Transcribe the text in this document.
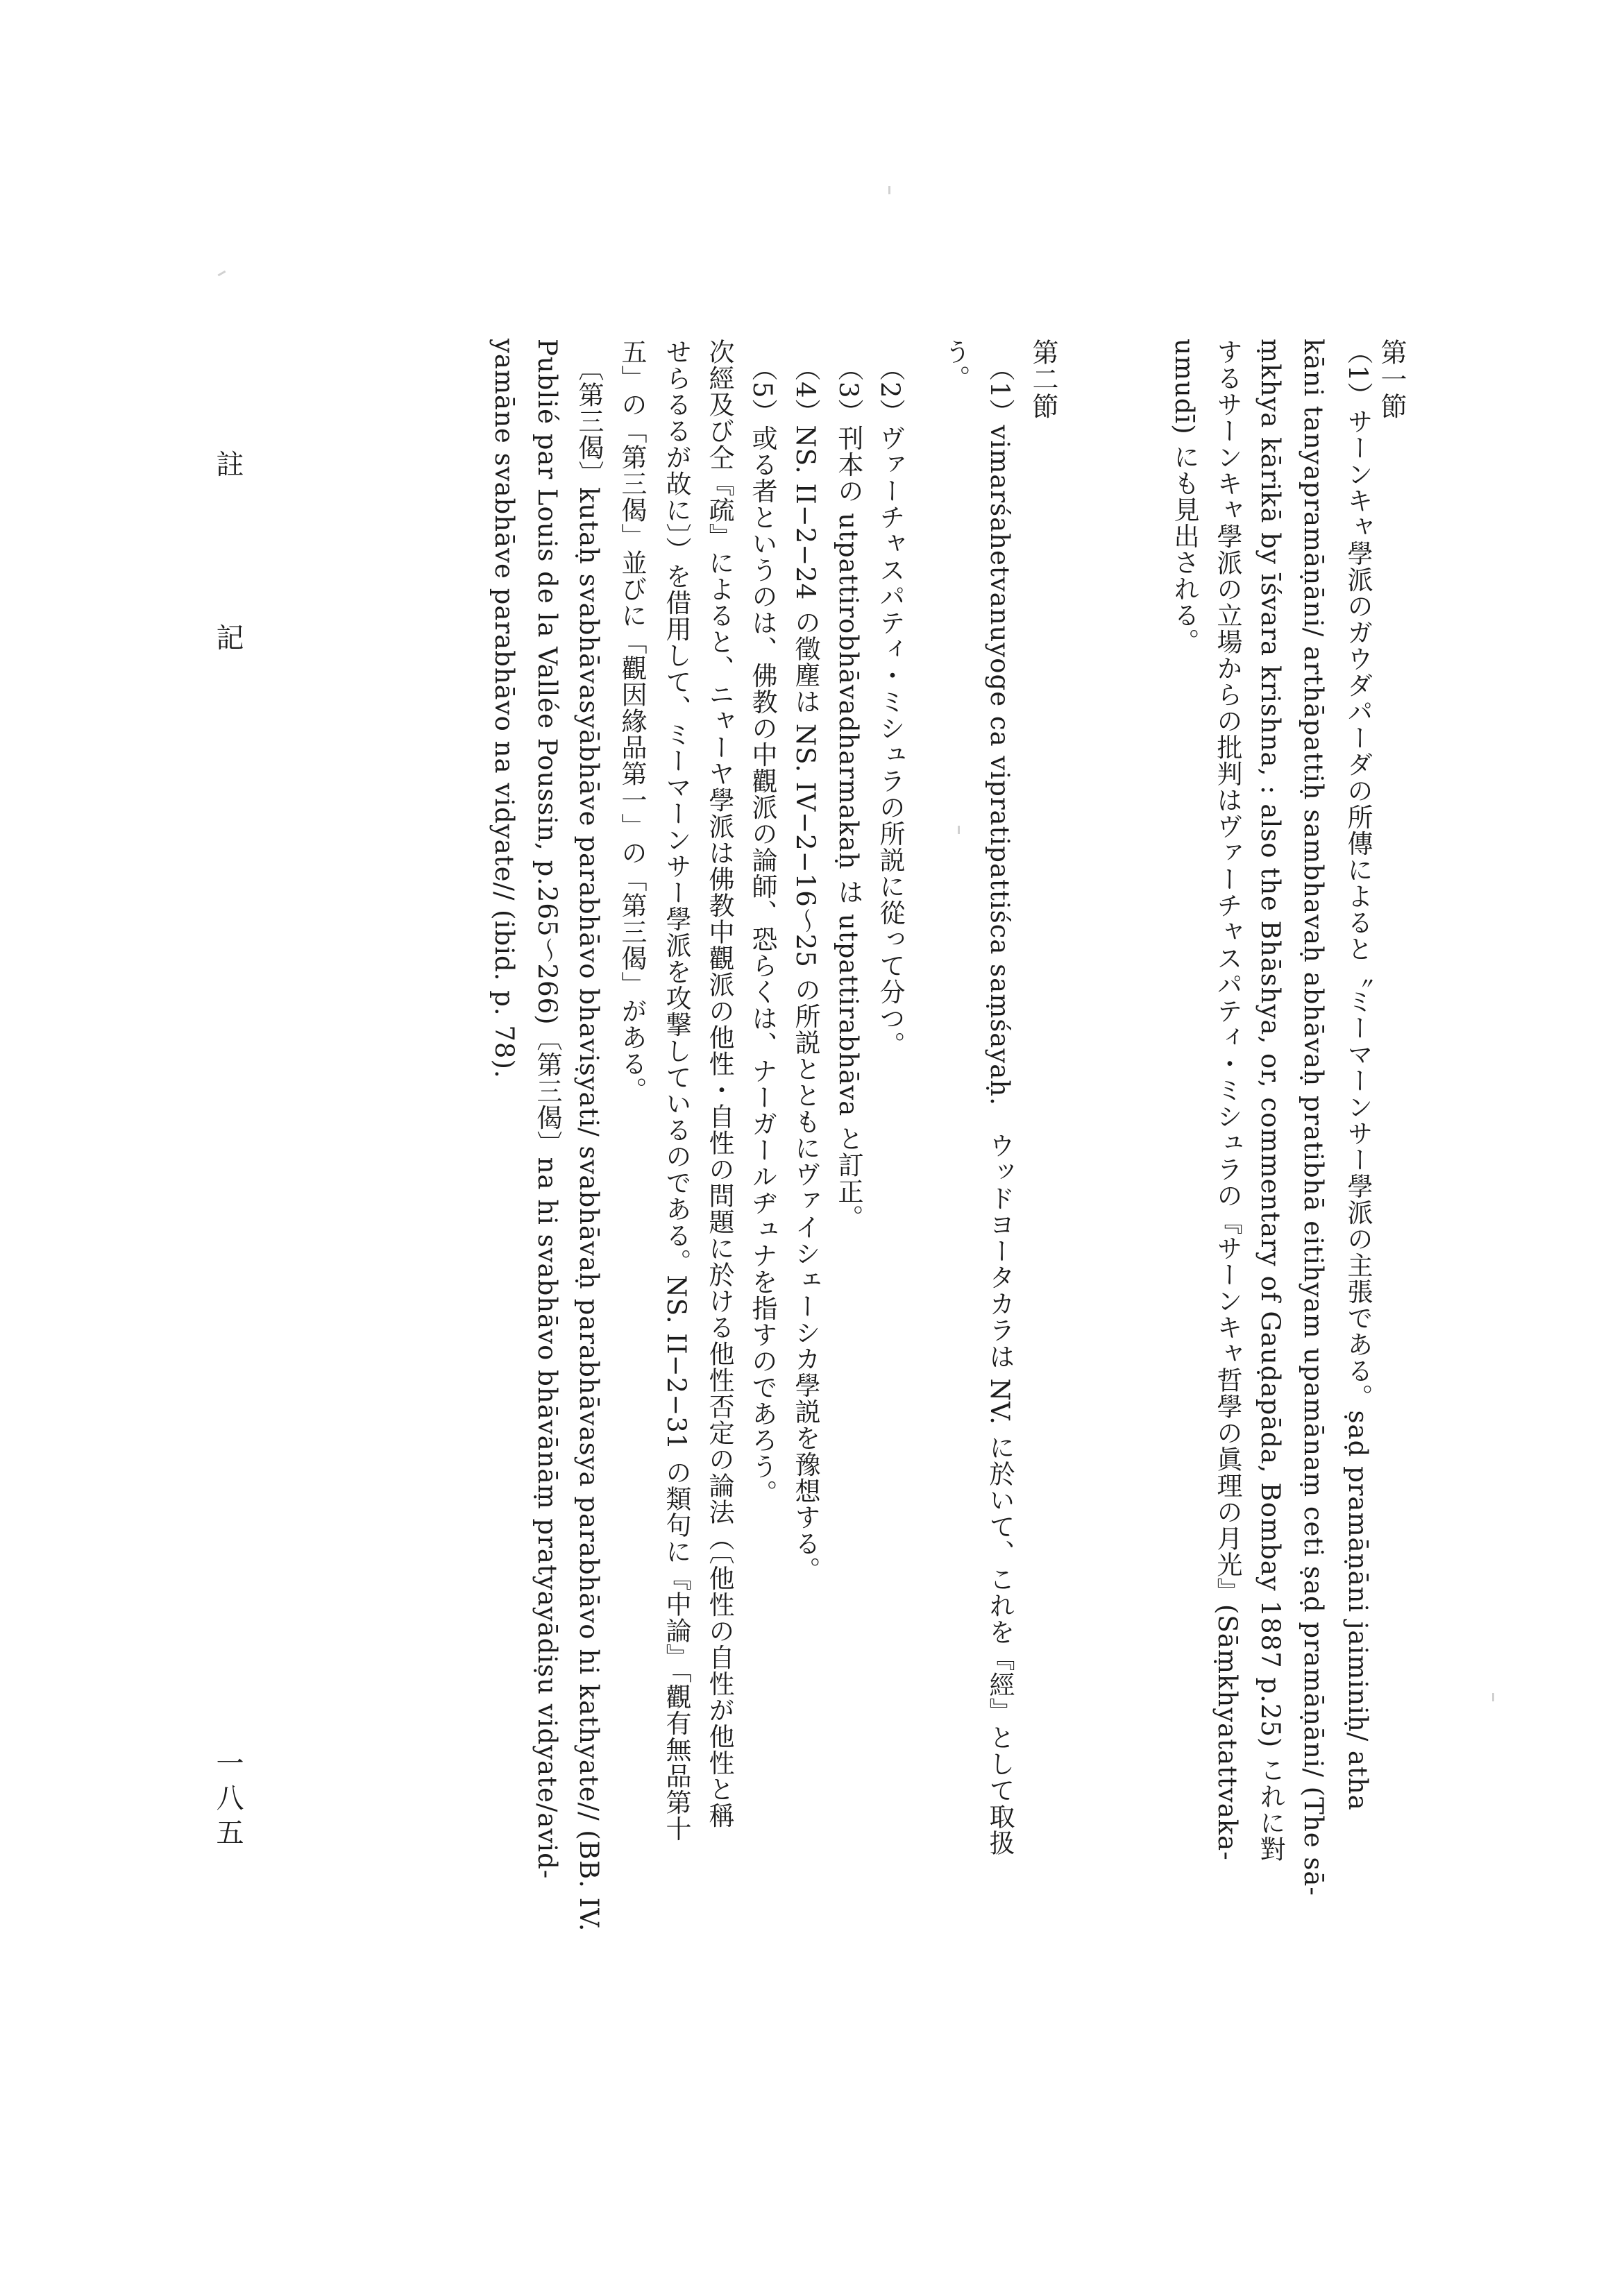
第一節
（1）サーンキャ學派のガウダパーダの所傳によると〝ミーマーンサー學派の主張である。ṣaḍ pramāṇāni jaiminiḥ/ atha
kāni tanyapramāṇāni/ arthāpattiḥ sambhavaḥ abhāvaḥ pratibhā eitihyam upamānaṃ ceti ṣaḍ pramāṇāni/ (The sā-
ṃkhya kārikā by īśvara krishna, : also the Bhāshya, or, commentary of Gauḍapāda, Bombay 1887 p.25) これに對
するサーンキャ學派の立場からの批判はヴァーチャスパティ・ミシュラの『サーンキャ哲學の眞理の月光』(Sāṃkhyatattvaka-
umudī) にも見出される。
第二節
（1）vimarśahetvanuyoge ca vipratipattiśca saṃśayaḥ.　ウッドヨータカラは NV. に於いて、これを『經』として取扱
う。
（2）ヴァーチャスパティ・ミシュラの所説に從って分つ。
（3）刊本の utpattirobhāvadharmakaḥ は utpattirabhāva と訂正。
（4）NS. II−2−24 の徵塵は NS. IV−2−16〜25 の所説とともにヴァイシェーシカ學説を豫想する。
（5）或る者というのは、佛教の中觀派の論師、恐らくは、ナーガールヂュナを指すのであろう。
次經及び仝『疏』によると、ニャーヤ學派は佛教中觀派の他性・自性の問題に於ける他性否定の論法（〔他性の自性が他性と稱
せらるるが故に〕）を借用して、ミーマーンサー學派を攻撃しているのである。NS. II−2−31 の類句に『中論』「觀有無品第十
五」の「第三偈」並びに「觀因緣品第一」の「第三偈」がある。
〔第三偈〕kutaḥ svabhāvasyābhāve parabhāvo bhaviṣyati/ svabhāvaḥ parabhāvasya parabhāvo hi kathyate// (BB. IV.
Publié par Louis de la Vallée Poussin, p.265〜266)〔第三偈〕na hi svabhāvo bhāvānāṃ pratyayādiṣu vidyate/avid-
yamāne svabhāve parabhāvo na vidyate// (ibid. p. 78).
註
記
一八五
